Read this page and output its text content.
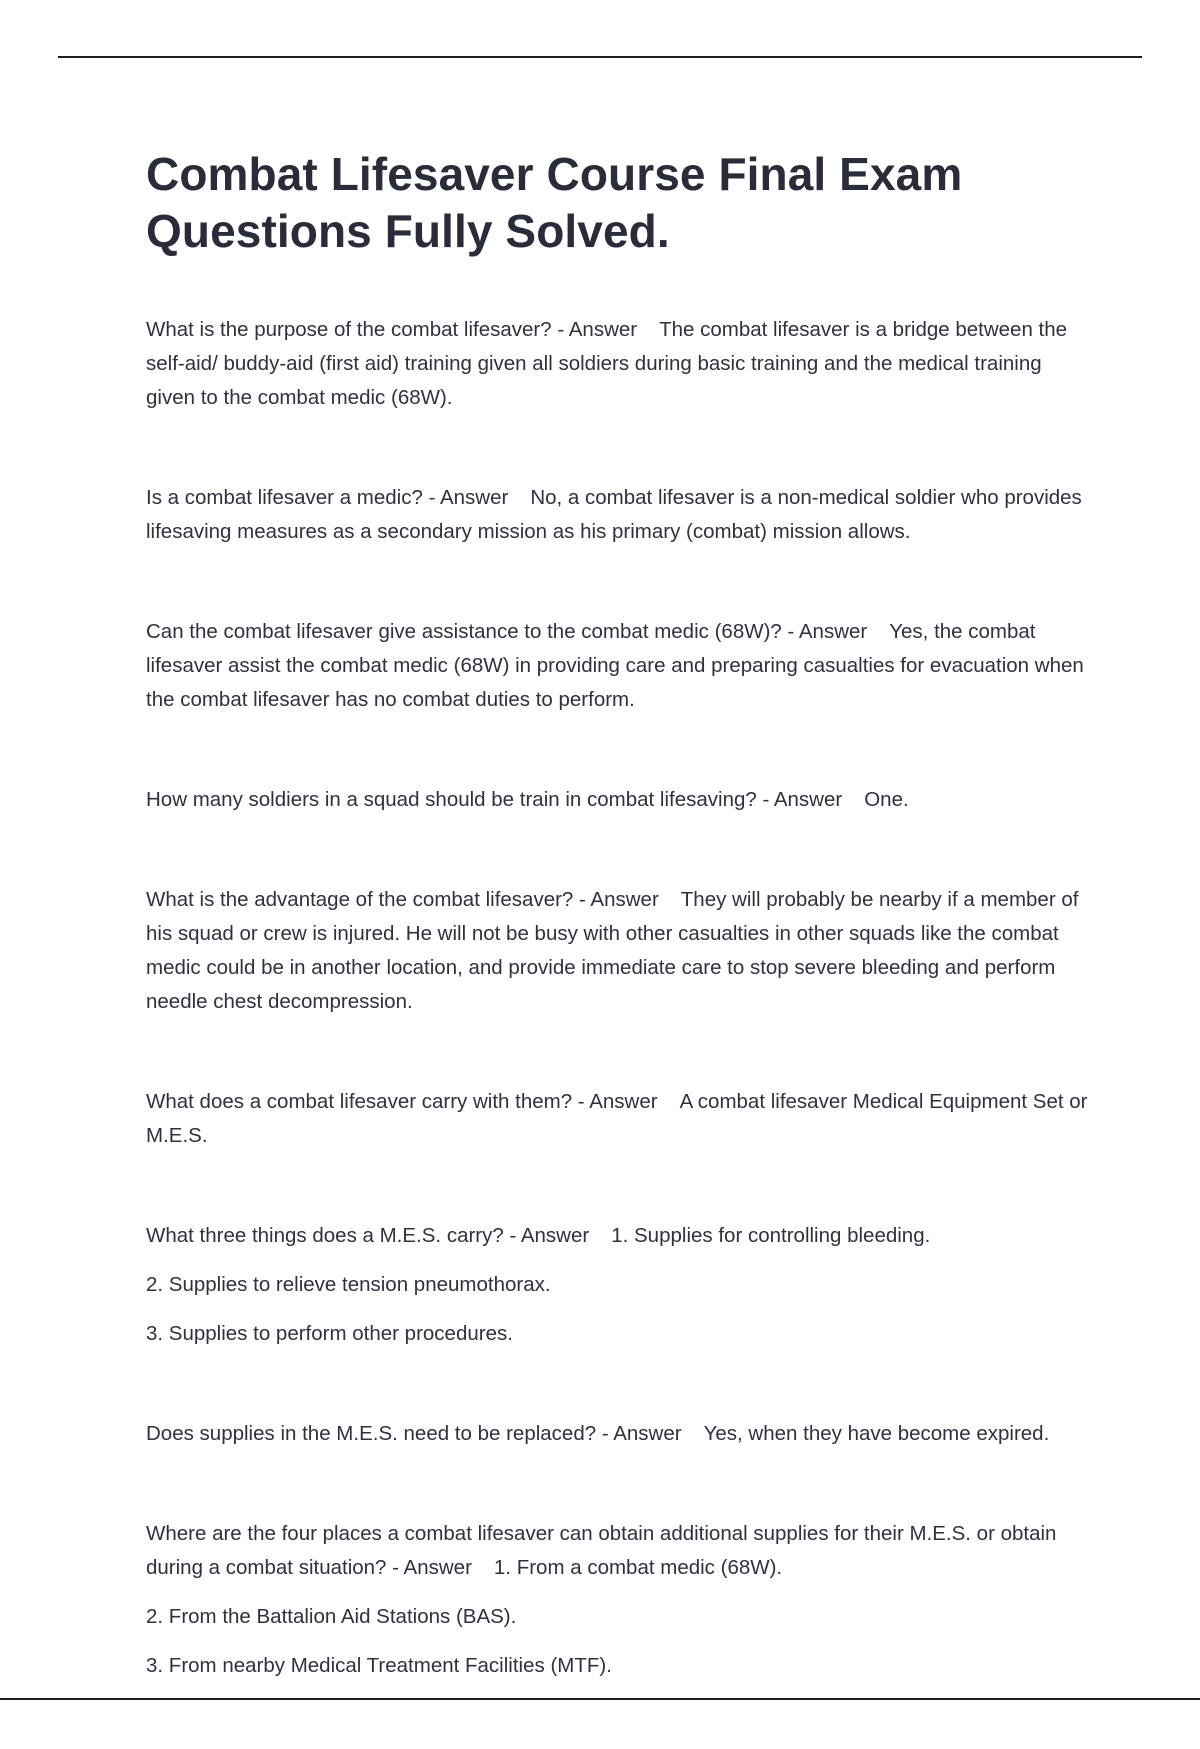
Combat Lifesaver Course Final Exam Questions Fully Solved.

What is the purpose of the combat lifesaver? - Answer The combat lifesaver is a bridge between the self-aid/ buddy-aid (first aid) training given all soldiers during basic training and the medical training given to the combat medic (68W).

Is a combat lifesaver a medic? - Answer No, a combat lifesaver is a non-medical soldier who provides lifesaving measures as a secondary mission as his primary (combat) mission allows.

Can the combat lifesaver give assistance to the combat medic (68W)? - Answer Yes, the combat lifesaver assist the combat medic (68W) in providing care and preparing casualties for evacuation when the combat lifesaver has no combat duties to perform.

How many soldiers in a squad should be train in combat lifesaving? - Answer One.

What is the advantage of the combat lifesaver? - Answer They will probably be nearby if a member of his squad or crew is injured. He will not be busy with other casualties in other squads like the combat medic could be in another location, and provide immediate care to stop severe bleeding and perform needle chest decompression.

What does a combat lifesaver carry with them? - Answer A combat lifesaver Medical Equipment Set or M.E.S.

What three things does a M.E.S. carry? - Answer 1. Supplies for controlling bleeding.

2. Supplies to relieve tension pneumothorax.

3. Supplies to perform other procedures.

Does supplies in the M.E.S. need to be replaced? - Answer Yes, when they have become expired.

Where are the four places a combat lifesaver can obtain additional supplies for their M.E.S. or obtain during a combat situation? - Answer 1. From a combat medic (68W).

2. From the Battalion Aid Stations (BAS).

3. From nearby Medical Treatment Facilities (MTF).
